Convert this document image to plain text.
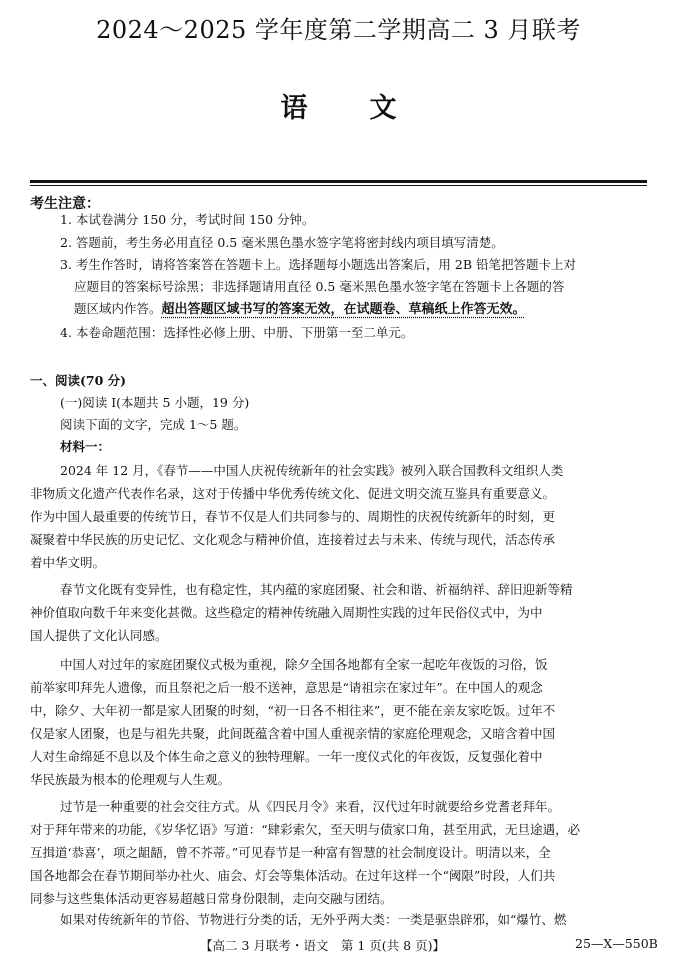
2024～2025 学年度第二学期高二 3 月联考
语文
考生注意：
1. 本试卷满分 150 分，考试时间 150 分钟。
2. 答题前，考生务必用直径 0.5 毫米黑色墨水签字笔将密封线内项目填写清楚。
3. 考生作答时，请将答案答在答题卡上。选择题每小题选出答案后，用 2B 铅笔把答题卡上对
应题目的答案标号涂黑；非选择题请用直径 0.5 毫米黑色墨水签字笔在答题卡上各题的答
题区域内作答。超出答题区域书写的答案无效，在试题卷、草稿纸上作答无效。
4. 本卷命题范围：选择性必修上册、中册、下册第一至二单元。
一、阅读(70 分)
(一)阅读 Ⅰ(本题共 5 小题，19 分)
阅读下面的文字，完成 1～5 题。
材料一：
2024 年 12 月，《春节——中国人庆祝传统新年的社会实践》被列入联合国教科文组织人类
非物质文化遗产代表作名录，这对于传播中华优秀传统文化、促进文明交流互鉴具有重要意义。
作为中国人最重要的传统节日，春节不仅是人们共同参与的、周期性的庆祝传统新年的时刻，更
凝聚着中华民族的历史记忆、文化观念与精神价值，连接着过去与未来、传统与现代，活态传承
着中华文明。
春节文化既有变异性，也有稳定性，其内蕴的家庭团聚、社会和谐、祈福纳祥、辞旧迎新等精
神价值取向数千年来变化甚微。这些稳定的精神传统融入周期性实践的过年民俗仪式中，为中
国人提供了文化认同感。
中国人对过年的家庭团聚仪式极为重视，除夕全国各地都有全家一起吃年夜饭的习俗，饭
前举家叩拜先人遗像，而且祭祀之后一般不送神，意思是“请祖宗在家过年”。在中国人的观念
中，除夕、大年初一都是家人团聚的时刻，“初一日各不相往来”，更不能在亲友家吃饭。过年不
仅是家人团聚，也是与祖先共聚，此间既蕴含着中国人重视亲情的家庭伦理观念，又暗含着中国
人对生命绵延不息以及个体生命之意义的独特理解。一年一度仪式化的年夜饭，反复强化着中
华民族最为根本的伦理观与人生观。
过节是一种重要的社会交往方式。从《四民月令》来看，汉代过年时就要给乡党耆老拜年。
对于拜年带来的功能，《岁华忆语》写道：“肆彩索欠，至天明与债家口角，甚至用武，无旦途遇，必
互揖道‘恭喜’，项之龃龉，曾不芥蒂。”可见春节是一种富有智慧的社会制度设计。明清以来，全
国各地都会在春节期间举办社火、庙会、灯会等集体活动。在过年这样一个“阈限”时段，人们共
同参与这些集体活动更容易超越日常身份限制，走向交融与团结。
如果对传统新年的节俗、节物进行分类的话，无外乎两大类：一类是驱祟辟邪，如“爆竹、燃
【高二 3 月联考・语文　第 1 页(共 8 页)】	25—X—550B
